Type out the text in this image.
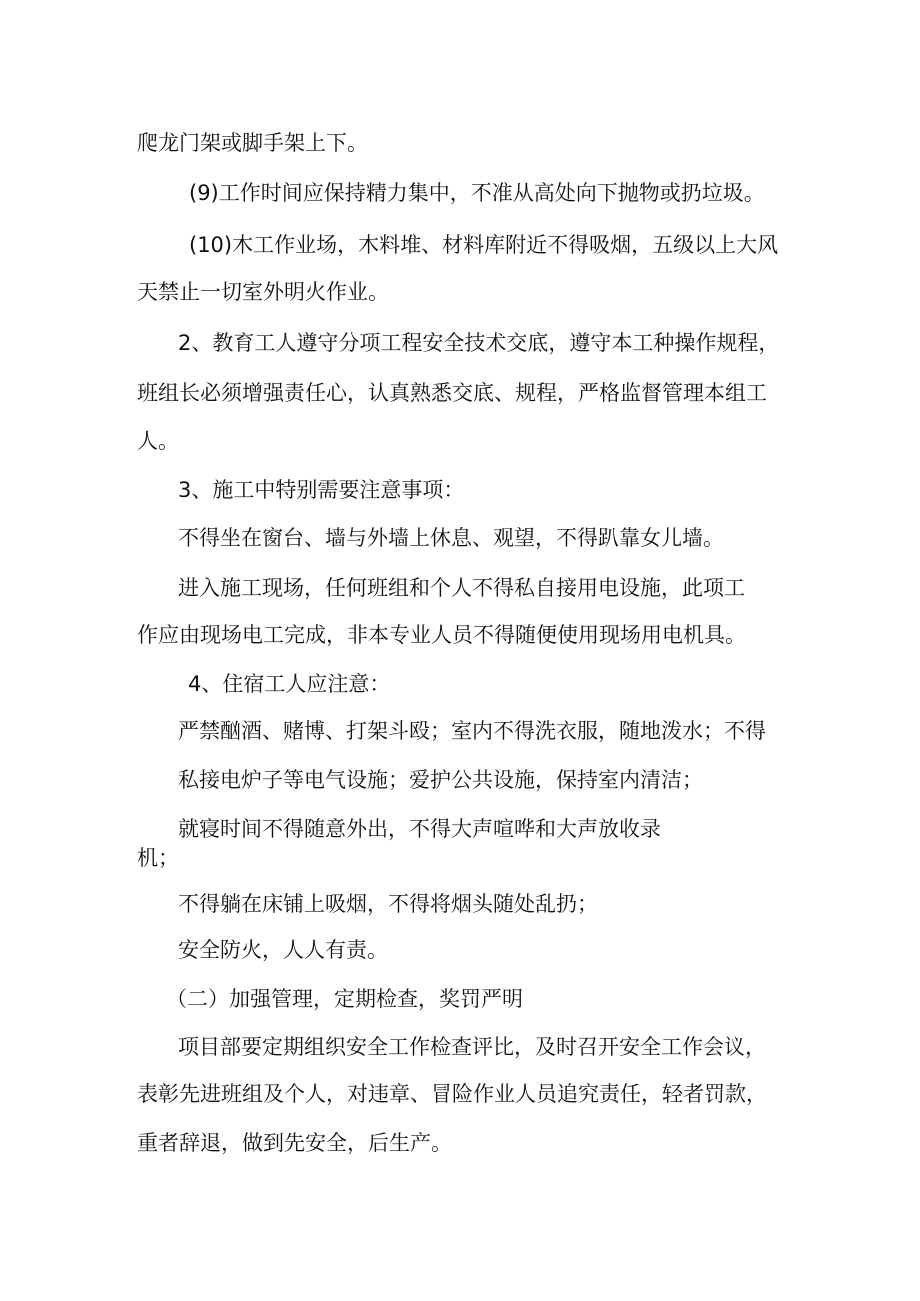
爬龙门架或脚手架上下。
(9)工作时间应保持精力集中，不准从高处向下抛物或扔垃圾。
(10)木工作业场，木料堆、材料库附近不得吸烟，五级以上大风
天禁止一切室外明火作业。
2、教育工人遵守分项工程安全技术交底，遵守本工种操作规程，
班组长必须增强责任心，认真熟悉交底、规程，严格监督管理本组工
人。
3、施工中特别需要注意事项：
不得坐在窗台、墙与外墙上休息、观望，不得趴靠女儿墙。
进入施工现场，任何班组和个人不得私自接用电设施，此项工
作应由现场电工完成，非本专业人员不得随便使用现场用电机具。
4、住宿工人应注意：
严禁酗酒、赌博、打架斗殴；室内不得洗衣服，随地泼水；不得
私接电炉子等电气设施；爱护公共设施，保持室内清洁；
就寝时间不得随意外出，不得大声喧哗和大声放收录
机；
不得躺在床铺上吸烟，不得将烟头随处乱扔；
安全防火，人人有责。
（二）加强管理，定期检查，奖罚严明
项目部要定期组织安全工作检查评比，及时召开安全工作会议，
表彰先进班组及个人，对违章、冒险作业人员追究责任，轻者罚款，
重者辞退，做到先安全，后生产。
